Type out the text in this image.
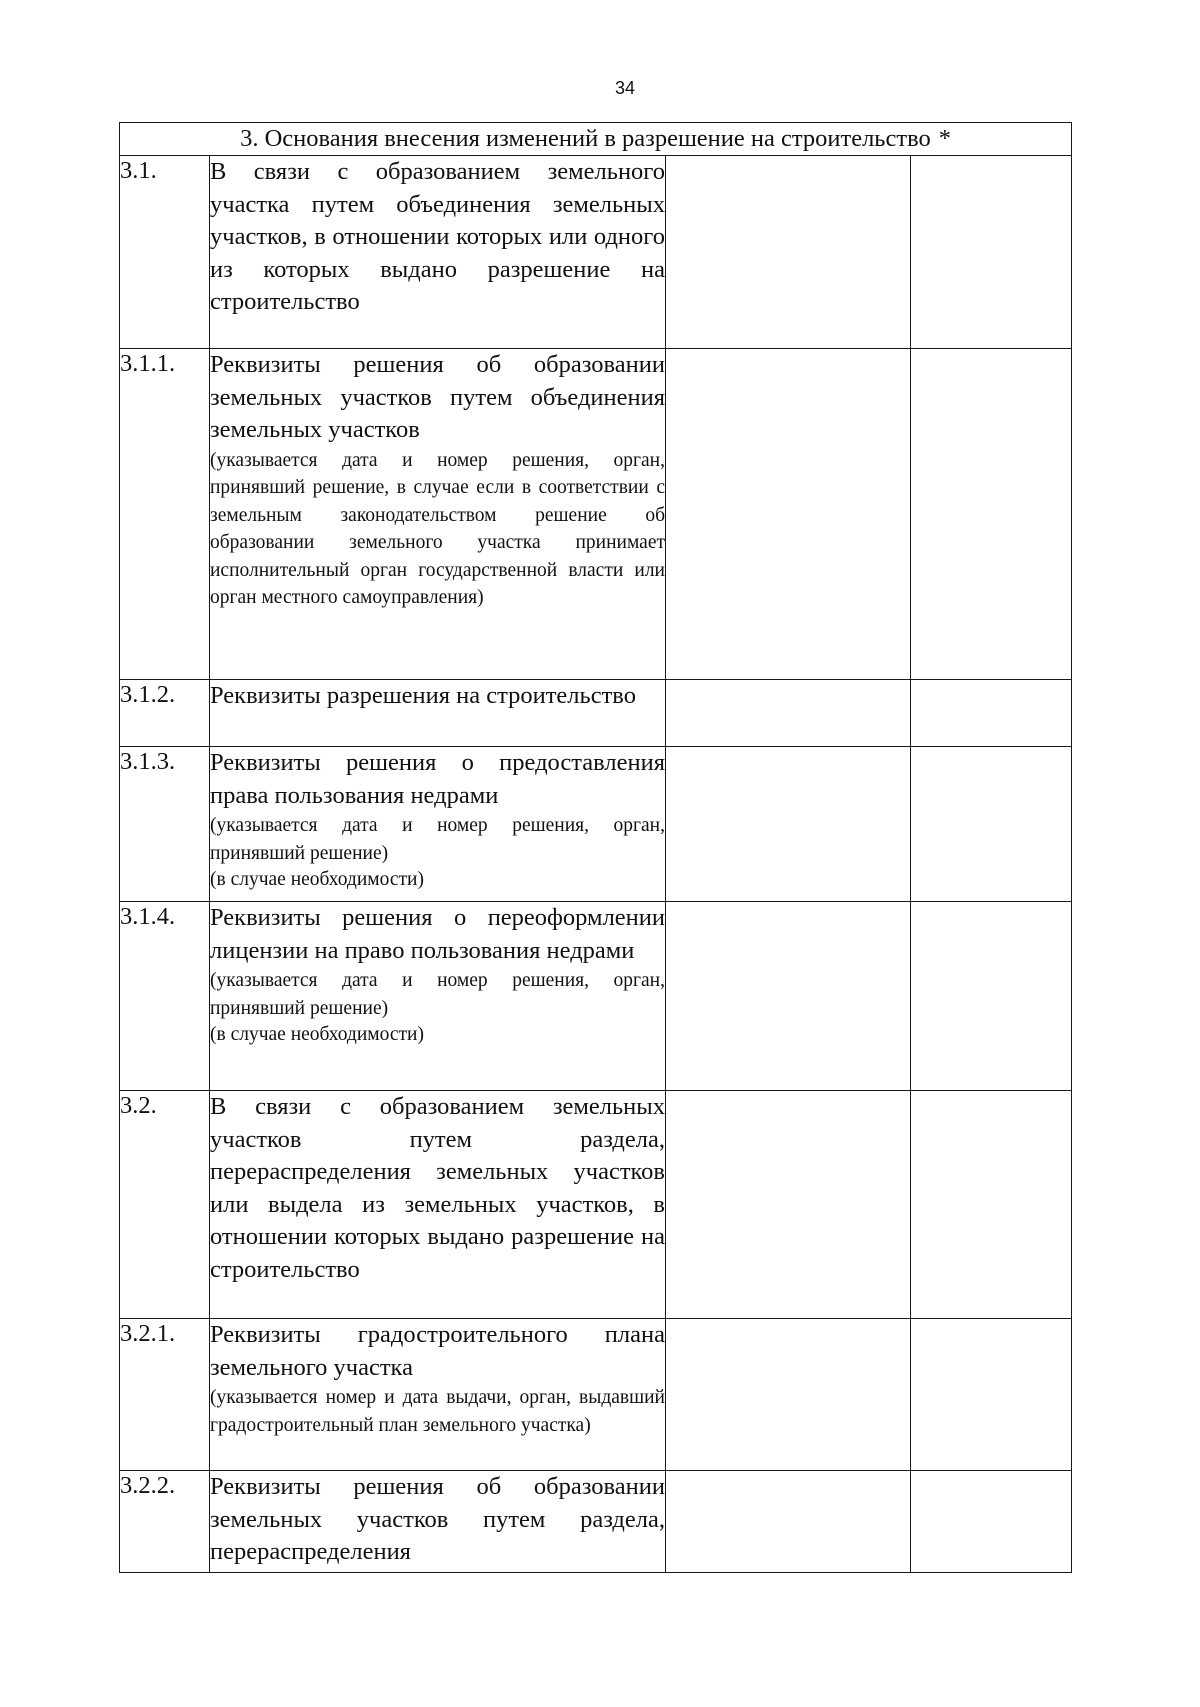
34
3. Основания внесения изменений в разрешение на строительство *			
3.1.	В связи с образованием земельного участка путем объединения земельных участков, в отношении которых или одного из которых выдано разрешение на строительство		

3.1.1.	Реквизиты решения об образовании земельных участков путем объединения земельных участков
(указывается дата и номер решения, орган, принявший решение, в случае если в соответствии с земельным законодательством решение об образовании земельного участка принимает исполнительный орган государственной власти или орган местного самоуправления)		

3.1.2.	Реквизиты разрешения на строительство		

3.1.3.	Реквизиты решения о предоставления права пользования недрами
(указывается дата и номер решения, орган, принявший решение)
(в случае необходимости)		

3.1.4.	Реквизиты решения о переоформлении лицензии на право пользования недрами
(указывается дата и номер решения, орган, принявший решение)
(в случае необходимости)		

3.2.	В связи с образованием земельных участков путем раздела, перераспределения земельных участков или выдела из земельных участков, в отношении которых выдано разрешение на строительство		

3.2.1.	Реквизиты градостроительного плана земельного участка
(указывается номер и дата выдачи, орган, выдавший градостроительный план земельного участка)		

3.2.2.	Реквизиты решения об образовании земельных участков путем раздела, перераспределения		
